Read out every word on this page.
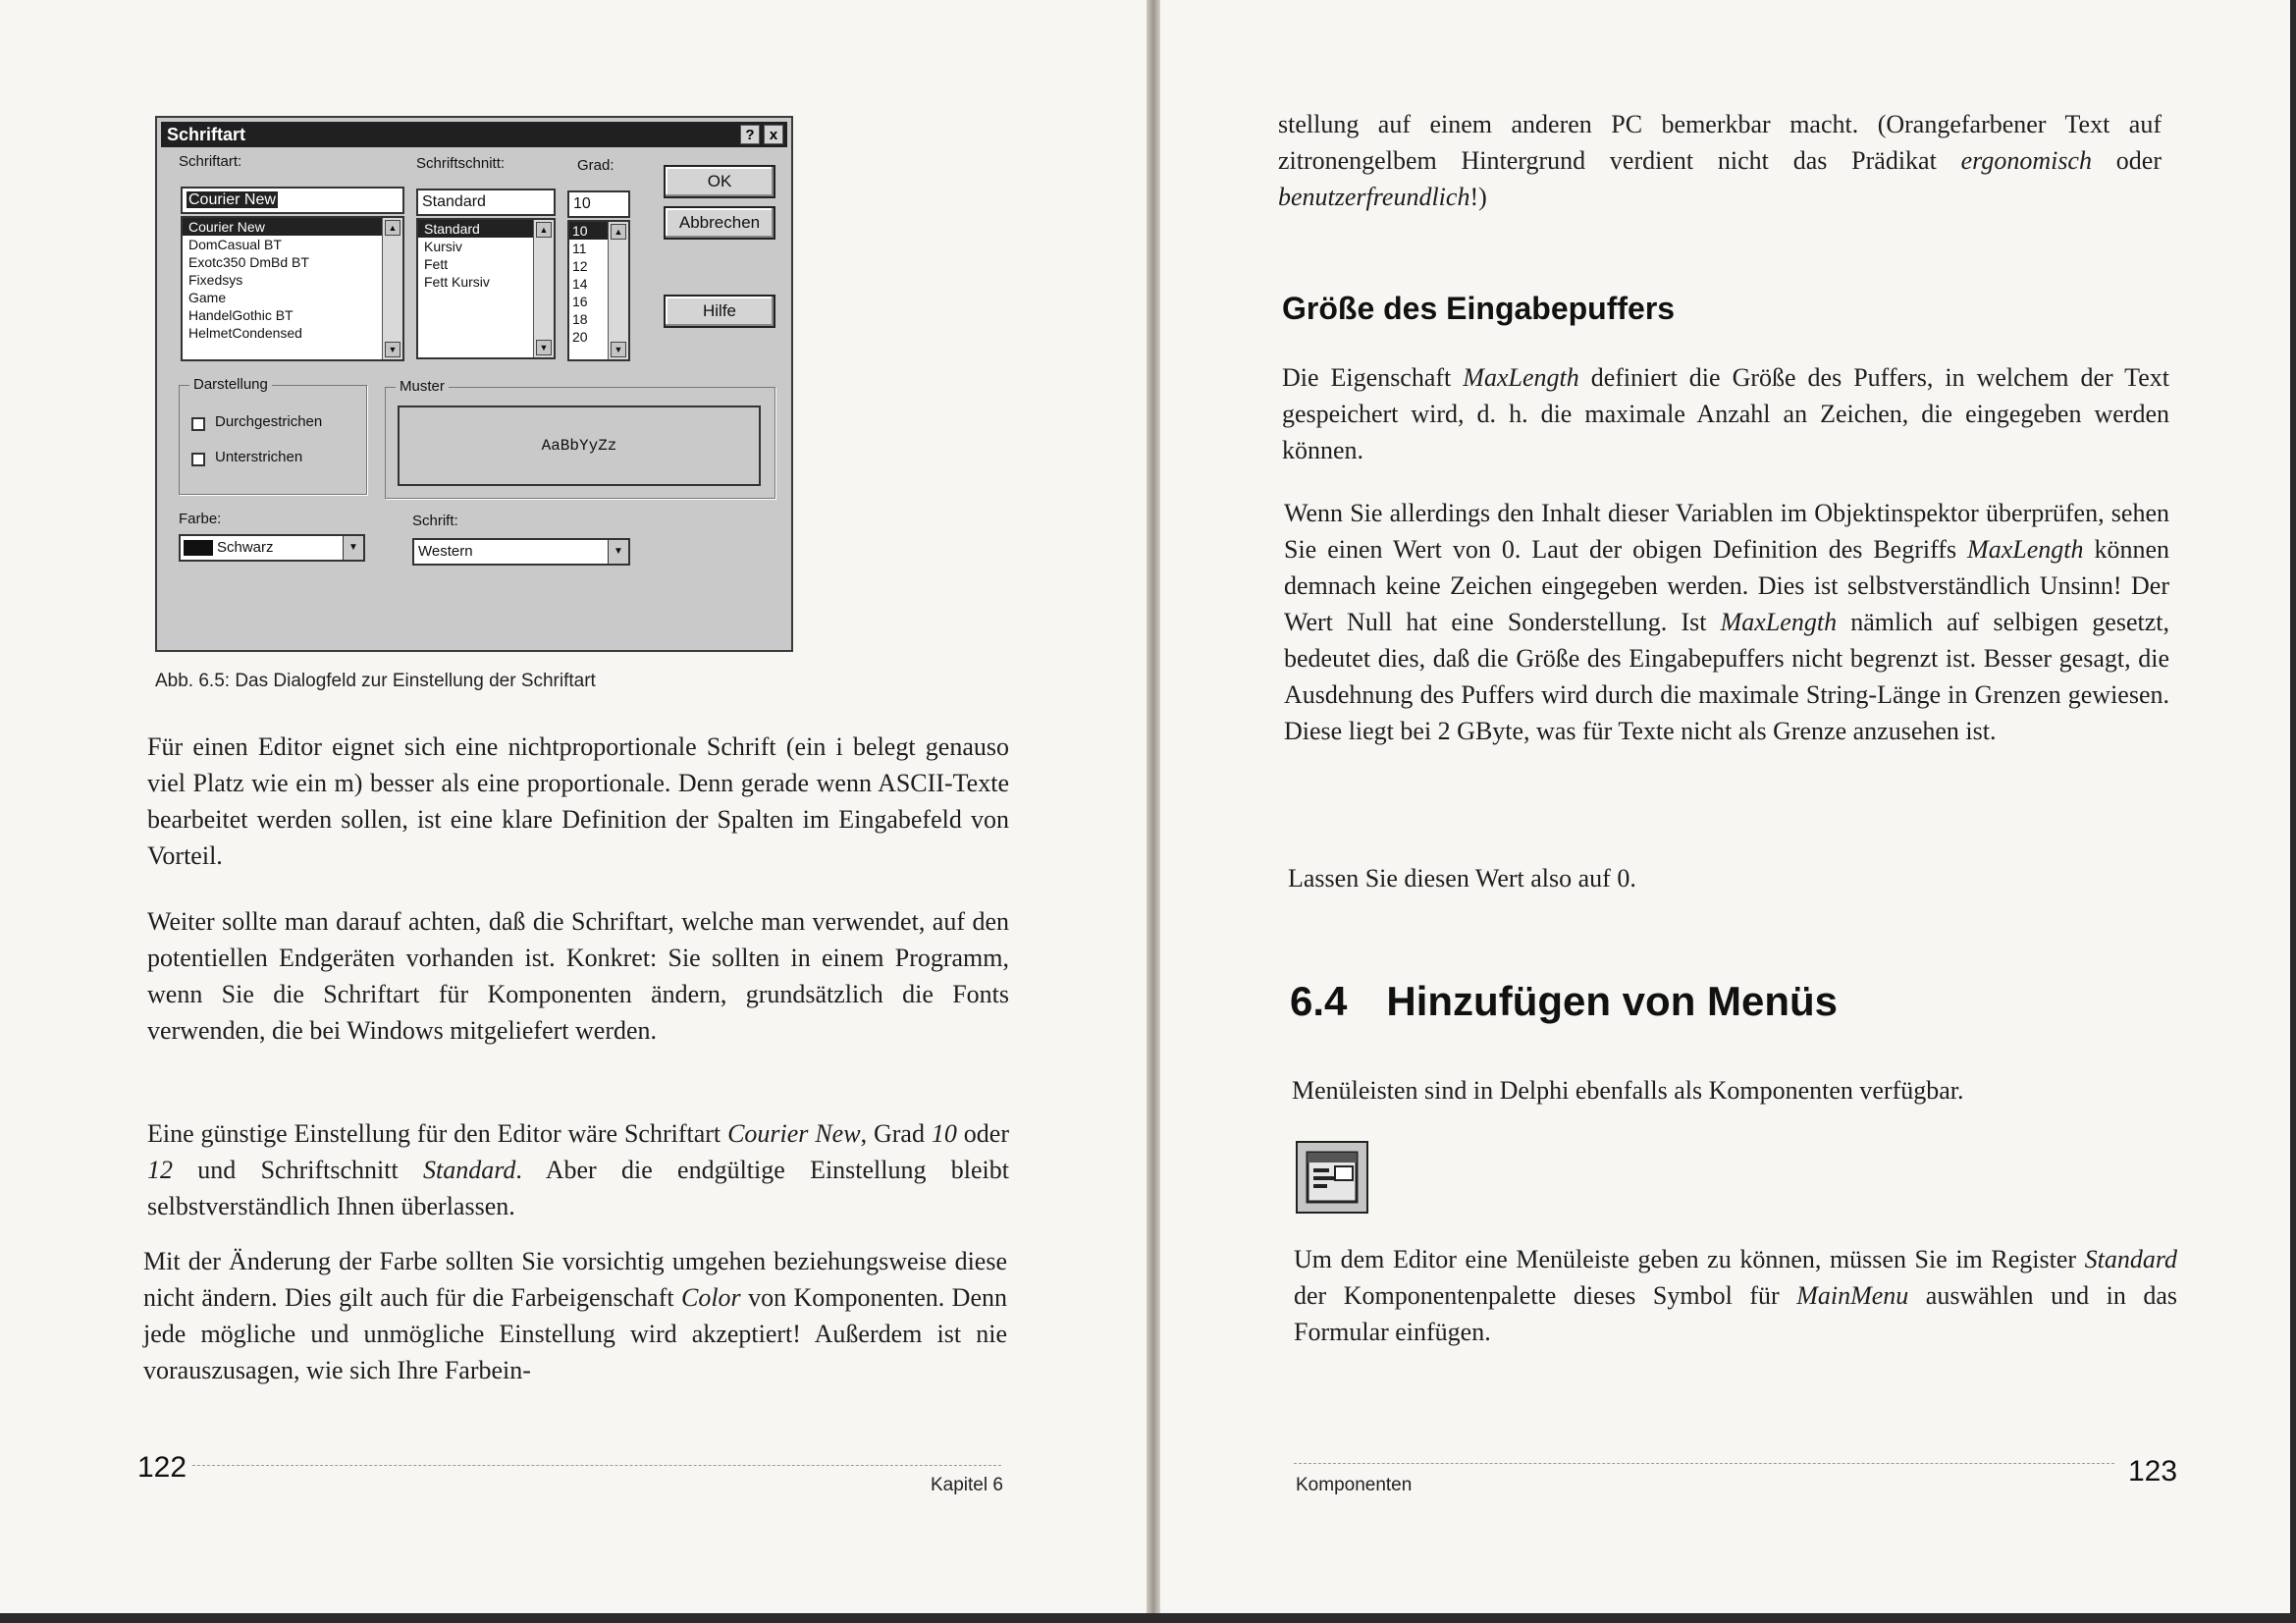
Schriftart	?	x
Schriftart:	Schriftschnitt:	Grad:
Courier New	Standard	10
Courier New
DomCasual BT
Exotc350 DmBd BT
Fixedsys
Game
HandelGothic BT
HelmetCondensed
▲
▼
Standard
Kursiv
Fett
Fett Kursiv
▲
▼
10
11
12
14
16
18
20
▲
▼
OK
Abbrechen
Hilfe
Darstellung
Durchgestrichen
Unterstrichen
Muster
AaBbYyZz
Farbe:	Schrift:
Schwarz	▼	Western	▼
Abb. 6.5: Das Dialogfeld zur Einstellung der Schriftart

Für einen Editor eignet sich eine nichtproportionale Schrift (ein i belegt genauso viel Platz wie ein m) besser als eine proportionale. Denn gerade wenn ASCII-Texte bearbeitet werden sollen, ist eine klare Definition der Spalten im Eingabefeld von Vorteil.

Weiter sollte man darauf achten, daß die Schriftart, welche man verwendet, auf den potentiellen Endgeräten vorhanden ist. Konkret: Sie sollten in einem Programm, wenn Sie die Schriftart für Komponenten ändern, grundsätzlich die Fonts verwenden, die bei Windows mitgeliefert werden.

Eine günstige Einstellung für den Editor wäre Schriftart Courier New, Grad 10 oder 12 und Schriftschnitt Standard. Aber die endgültige Einstellung bleibt selbstverständlich Ihnen überlassen.

Mit der Änderung der Farbe sollten Sie vorsichtig umgehen beziehungsweise diese nicht ändern. Dies gilt auch für die Farbeigenschaft Color von Komponenten. Denn jede mögliche und unmögliche Einstellung wird akzeptiert! Außerdem ist nie vorauszusagen, wie sich Ihre Farbein-

122
Kapitel 6

stellung auf einem anderen PC bemerkbar macht. (Orangefarbener Text auf zitronengelbem Hintergrund verdient nicht das Prädikat ergonomisch oder benutzerfreundlich!)

Größe des Eingabepuffers

Die Eigenschaft MaxLength definiert die Größe des Puffers, in welchem der Text gespeichert wird, d. h. die maximale Anzahl an Zeichen, die eingegeben werden können.

Wenn Sie allerdings den Inhalt dieser Variablen im Objektinspektor überprüfen, sehen Sie einen Wert von 0. Laut der obigen Definition des Begriffs MaxLength können demnach keine Zeichen eingegeben werden. Dies ist selbstverständlich Unsinn! Der Wert Null hat eine Sonderstellung. Ist MaxLength nämlich auf selbigen gesetzt, bedeutet dies, daß die Größe des Eingabepuffers nicht begrenzt ist. Besser gesagt, die Ausdehnung des Puffers wird durch die maximale String-Länge in Grenzen gewiesen. Diese liegt bei 2 GByte, was für Texte nicht als Grenze anzusehen ist.

Lassen Sie diesen Wert also auf 0.

6.4 Hinzufügen von Menüs

Menüleisten sind in Delphi ebenfalls als Komponenten verfügbar.

Um dem Editor eine Menüleiste geben zu können, müssen Sie im Register Standard der Komponentenpalette dieses Symbol für MainMenu auswählen und in das Formular einfügen.

Komponenten	123
